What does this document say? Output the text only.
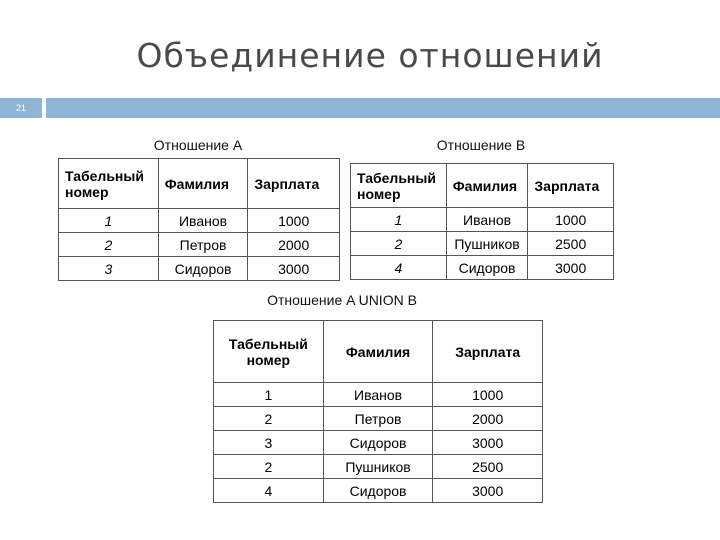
Объединение отношений
21
Отношение A
Табельный номер	Фамилия	Зарплата
1	Иванов	1000
2	Петров	2000
3	Сидоров	3000
Отношение B
Табельный номер	Фамилия	Зарплата
1	Иванов	1000
2	Пушников	2500
4	Сидоров	3000
Отношение A UNION B
Табельный номер	Фамилия	Зарплата
1	Иванов	1000
2	Петров	2000
3	Сидоров	3000
2	Пушников	2500
4	Сидоров	3000
